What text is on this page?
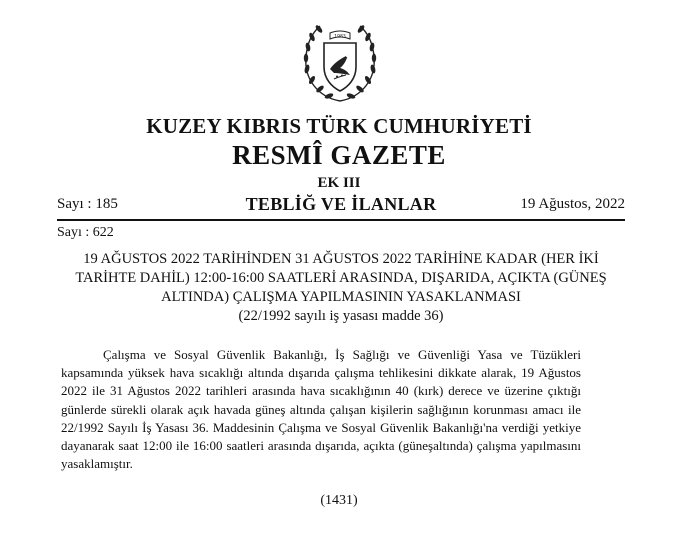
1983
KUZEY KIBRIS TÜRK CUMHURİYETİ
RESMÎ GAZETE
EK III
Sayı : 185	TEBLİĞ VE İLANLAR	19 Ağustos, 2022
Sayı : 622
19 AĞUSTOS 2022 TARİHİNDEN 31 AĞUSTOS 2022 TARİHİNE KADAR (HER İKİ
TARİHTE DAHİL) 12:00-16:00 SAATLERİ ARASINDA, DIŞARIDA, AÇIKTA (GÜNEŞ
ALTINDA) ÇALIŞMA YAPILMASININ YASAKLANMASI
(22/1992 sayılı iş yasası madde 36)
Çalışma ve Sosyal Güvenlik Bakanlığı, İş Sağlığı ve Güvenliği Yasa ve Tüzükleri kapsamında yüksek hava sıcaklığı altında dışarıda çalışma tehlikesini dikkate alarak, 19 Ağustos 2022 ile 31 Ağustos 2022 tarihleri arasında hava sıcaklığının 40 (kırk) derece ve üzerine çıktığı günlerde sürekli olarak açık havada güneş altında çalışan kişilerin sağlığının korunması amacı ile 22/1992 Sayılı İş Yasası 36. Maddesinin Çalışma ve Sosyal Güvenlik Bakanlığı'na verdiği yetkiye dayanarak saat 12:00 ile 16:00 saatleri arasında dışarıda, açıkta (güneşaltında) çalışma yapılmasını yasaklamıştır.
(1431)
